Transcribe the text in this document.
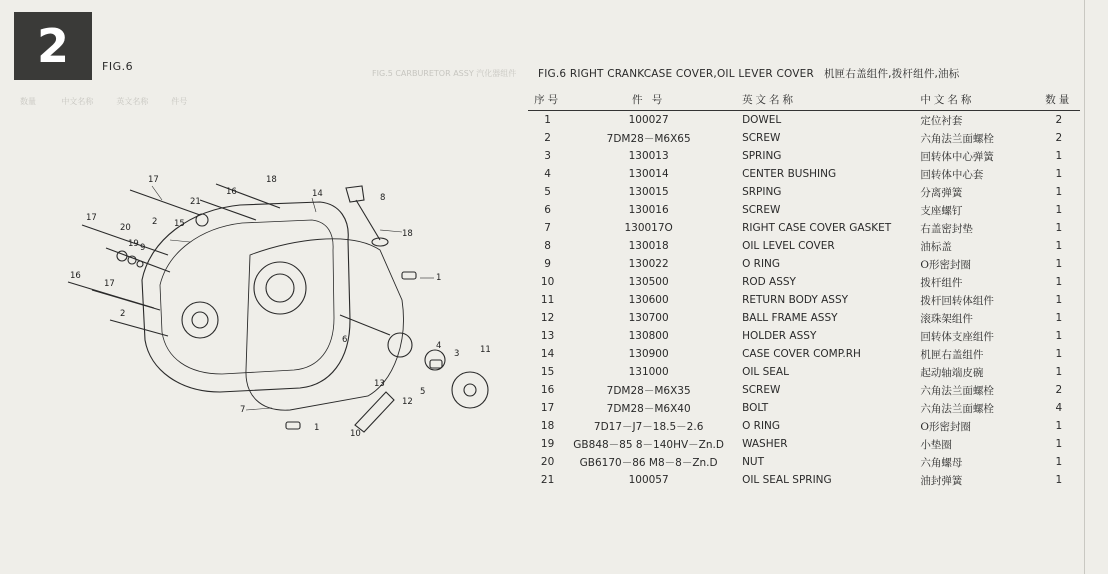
2	FIG.6
FIG.5 CARBURETOR ASSY 汽化器组件
数量          中文名称         英文名称         件号
17
16
18
14	8
21
15
17
20
19 9
2
16
17
2
6
1
4
3 11
13
12
5
7
1
10
18
FIG.6 RIGHT CRANKCASE COVER,OIL LEVER COVER 机匣右盖组件,拨杆组件,油标
序号	件 号	英文名称	中文名称	数量
1	100027	DOWEL	定位衬套	2
2	7DM28－M6X65	SCREW	六角法兰面螺栓	2
3	130013	SPRING	回转体中心弹簧	1
4	130014	CENTER BUSHING	回转体中心套	1
5	130015	SRPING	分离弹簧	1
6	130016	SCREW	支座螺钉	1
7	130017O	RIGHT CASE COVER GASKET	右盖密封垫	1
8	130018	OIL LEVEL COVER	油标盖	1
9	130022	O RING	O形密封圈	1
10	130500	ROD ASSY	拨杆组件	1
11	130600	RETURN BODY ASSY	拨杆回转体组件	1
12	130700	BALL FRAME ASSY	滚珠架组件	1
13	130800	HOLDER ASSY	回转体支座组件	1
14	130900	CASE COVER COMP.RH	机匣右盖组件	1
15	131000	OIL SEAL	起动轴端皮碗	1
16	7DM28－M6X35	SCREW	六角法兰面螺栓	2
17	7DM28－M6X40	BOLT	六角法兰面螺栓	4
18	7D17－J7－18.5－2.6	O RING	O形密封圈	1
19	GB848－85 8－140HV－Zn.D	WASHER	小垫圈	1
20	GB6170－86 M8－8－Zn.D	NUT	六角螺母	1
21	100057	OIL SEAL SPRING	油封弹簧	1
